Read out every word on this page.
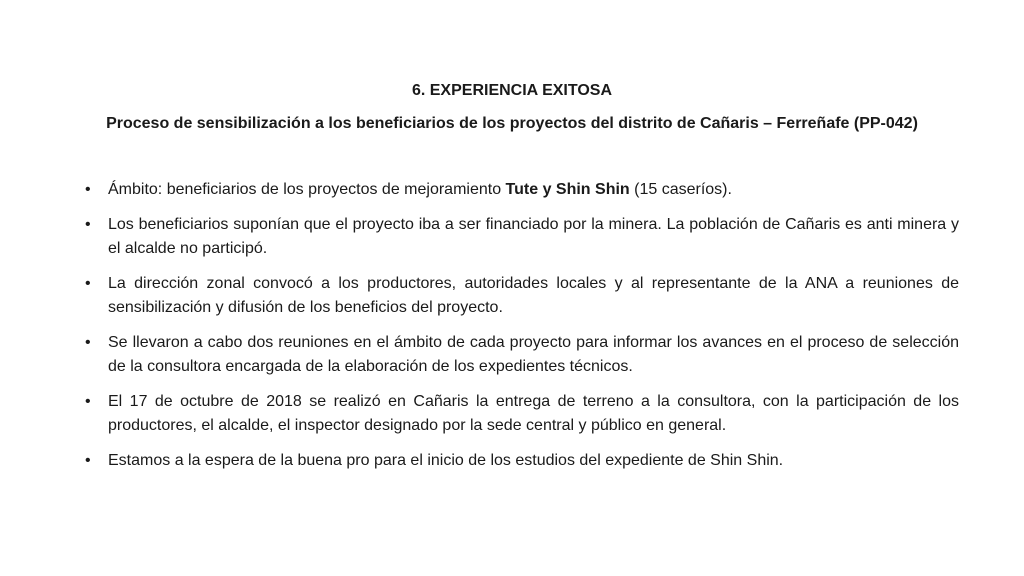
6. EXPERIENCIA EXITOSA
Proceso de sensibilización a los beneficiarios de los proyectos del distrito de Cañaris – Ferreñafe (PP-042)
•	Ámbito: beneficiarios de los proyectos de mejoramiento Tute y Shin Shin (15 caseríos).
•	Los beneficiarios suponían que el proyecto iba a ser financiado por la minera. La población de Cañaris es anti minera y el alcalde no participó.
•	La dirección zonal convocó a los productores, autoridades locales y al representante de la ANA a reuniones de sensibilización y difusión de los beneficios del proyecto.
•	Se llevaron a cabo dos reuniones en el ámbito de cada proyecto para informar los avances en el proceso de selección de la consultora encargada de la elaboración de los expedientes técnicos.
•	El 17 de octubre de 2018 se realizó en Cañaris la entrega de terreno a la consultora, con la participación de los productores, el alcalde, el inspector designado por la sede central y público en general.
•	Estamos a la espera de la buena pro para el inicio de los estudios del expediente de Shin Shin.
